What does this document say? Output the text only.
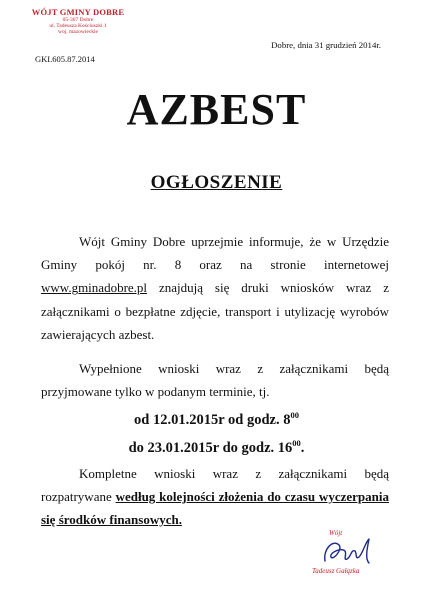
WÓJT GMINY DOBRE
05-307 Dobre
ul. Tadeusza Kościuszki 1
woj. mazowieckie
GKI.605.87.2014
Dobre, dnia 31 grudzień 2014r.
AZBEST
OGŁOSZENIE

Wójt Gminy Dobre uprzejmie informuje, że w Urzędzie Gminy pokój nr. 8 oraz na stronie internetowej www.gminadobre.pl znajdują się druki wniosków wraz z załącznikami o bezpłatne zdjęcie, transport i utylizację wyrobów zawierających azbest.

Wypełnione wnioski wraz z załącznikami będą przyjmowane tylko w podanym terminie, tj.

od 12.01.2015r od godz. $8^{00}$
do 23.01.2015r do godz. $16^{00}$.

Kompletne wnioski wraz z załącznikami będą rozpatrywane według kolejności złożenia do czasu wyczerpania się środków finansowych.

Wójt
Tadeusz Gałązka
